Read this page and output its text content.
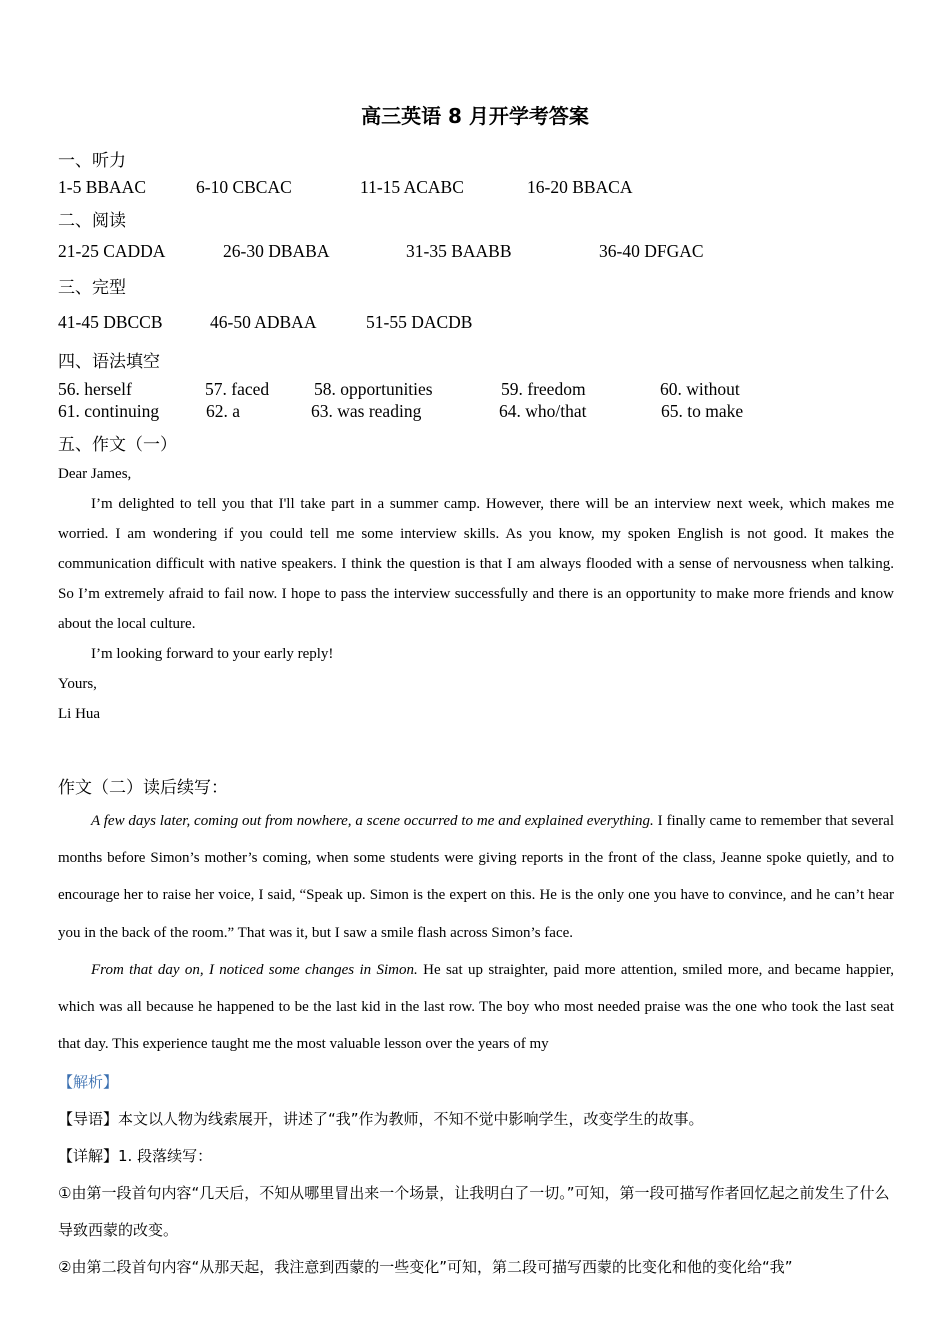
高三英语 8 月开学考答案
一、听力
1-5 BBAAC	6-10 CBCAC	11-15 ACABC	16-20 BBACA
二、阅读
21-25 CADDA	26-30 DBABA	31-35 BAABB	36-40 DFGAC
三、完型
41-45 DBCCB	46-50 ADBAA	51-55 DACDB
四、语法填空
56. herself	57. faced	58. opportunities	59. freedom	60. without
61. continuing	62. a	63. was reading	64. who/that	65. to make
五、作文（一）

Dear James,

I’m delighted to tell you that I'll take part in a summer camp. However, there will be an interview next week, which makes me worried. I am wondering if you could tell me some interview skills. As you know, my spoken English is not good. It makes the communication difficult with native speakers. I think the question is that I am always flooded with a sense of nervousness when talking. So I’m extremely afraid to fail now. I hope to pass the interview successfully and there is an opportunity to make more friends and know about the local culture.

I’m looking forward to your early reply!

Yours,

Li Hua

作文（二）读后续写：

A few days later, coming out from nowhere, a scene occurred to me and explained everything. I finally came to remember that several months before Simon’s mother’s coming, when some students were giving reports in the front of the class, Jeanne spoke quietly, and to encourage her to raise her voice, I said, “Speak up. Simon is the expert on this. He is the only one you have to convince, and he can’t hear you in the back of the room.” That was it, but I saw a smile flash across Simon’s face.

From that day on, I noticed some changes in Simon. He sat up straighter, paid more attention, smiled more, and became happier, which was all because he happened to be the last kid in the last row. The boy who most needed praise was the one who took the last seat that day. This experience taught me the most valuable lesson over the years of my

【解析】

【导语】本文以人物为线索展开，讲述了“我”作为教师，不知不觉中影响学生，改变学生的故事。

【详解】1. 段落续写：

①由第一段首句内容“几天后，不知从哪里冒出来一个场景，让我明白了一切。”可知，第一段可描写作者回忆起之前发生了什么导致西蒙的改变。

②由第二段首句内容“从那天起，我注意到西蒙的一些变化”可知，第二段可描写西蒙的比变化和他的变化给“我”
